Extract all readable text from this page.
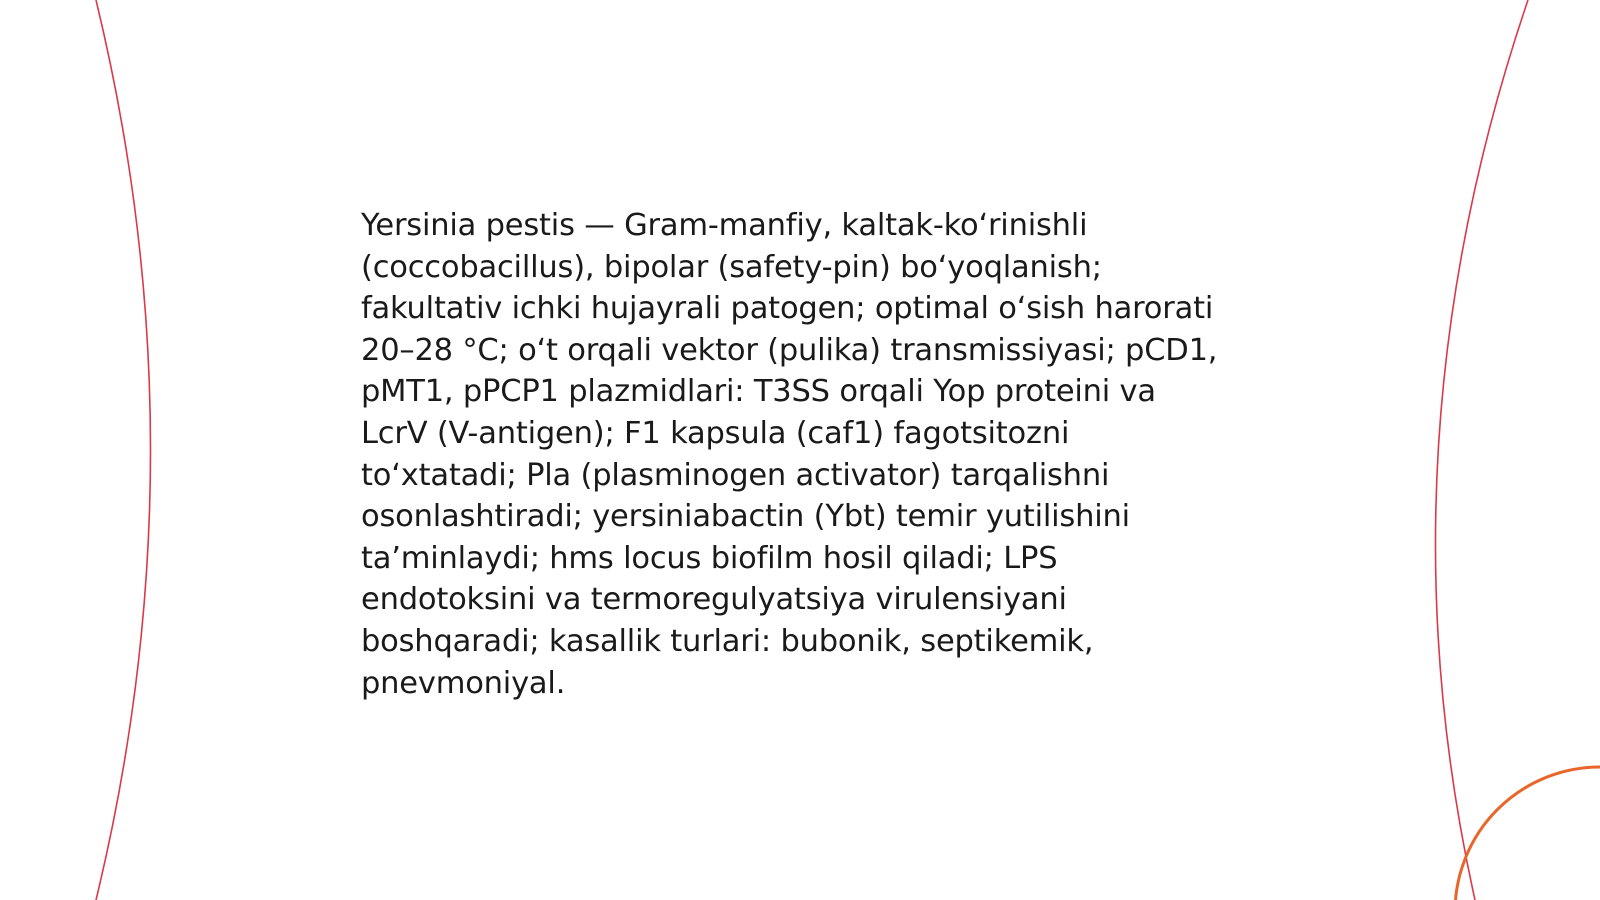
Yersinia pestis — Gram-manfiy, kaltak-koʻrinishli (coccobacillus), bipolar (safety-pin) boʻyoqlanish; fakultativ ichki hujayrali patogen; optimal oʻsish harorati 20–28 °C; oʻt orqali vektor (pulika) transmissiyasi; pCD1, pMT1, pPCP1 plazmidlari: T3SS orqali Yop proteini va LcrV (V-antigen); F1 kapsula (caf1) fagotsitozni toʻxtatadi; Pla (plasminogen activator) tarqalishni osonlashtiradi; yersiniabactin (Ybt) temir yutilishini taʼminlaydi; hms locus biofilm hosil qiladi; LPS endotoksini va termoregulyatsiya virulensiyani boshqaradi; kasallik turlari: bubonik, septikemik, pnevmoniyal.
